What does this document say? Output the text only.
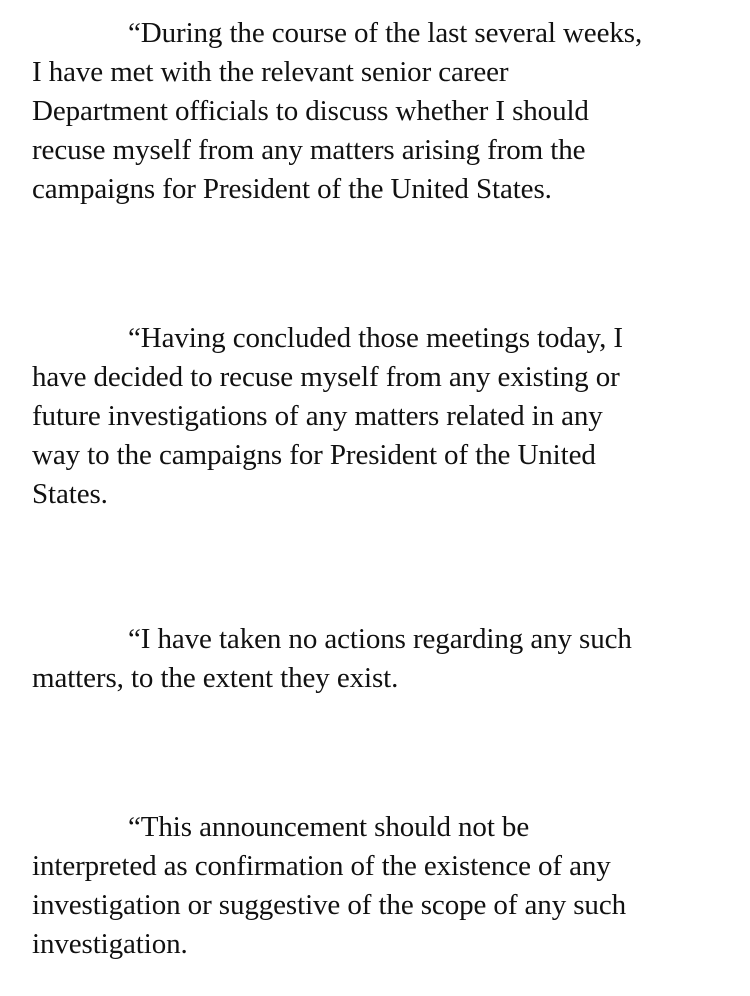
“During the course of the last several weeks,
I have met with the relevant senior career
Department officials to discuss whether I should
recuse myself from any matters arising from the
campaigns for President of the United States.

“Having concluded those meetings today, I
have decided to recuse myself from any existing or
future investigations of any matters related in any
way to the campaigns for President of the United
States.

“I have taken no actions regarding any such
matters, to the extent they exist.

“This announcement should not be
interpreted as confirmation of the existence of any
investigation or suggestive of the scope of any such
investigation.
